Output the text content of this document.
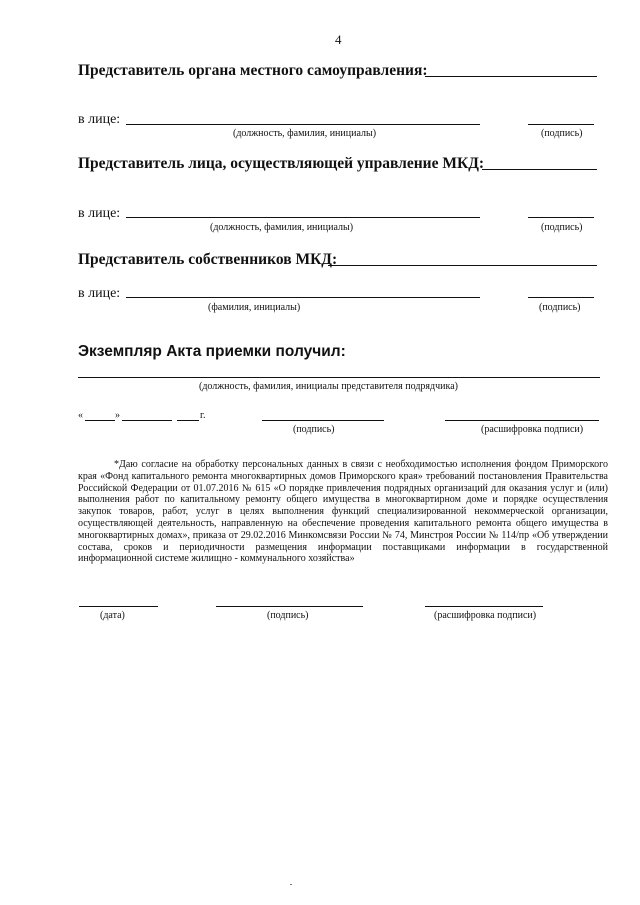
4
Представитель органа местного самоуправления:
в лице:
(должность, фамилия, инициалы)	(подпись)
Представитель лица, осуществляющей управление МКД:
в лице:
(должность, фамилия, инициалы)	(подпись)
Представитель собственников МКД:
в лице:
(фамилия, инициалы)	(подпись)
Экземпляр Акта приемки получил:
(должность, фамилия, инициалы представителя подрядчика)
«	»	г.
(подпись)	(расшифровка подписи)
*Даю согласие на обработку персональных данных в связи с необходимостью исполнения фондом Приморского края «Фонд капитального ремонта многоквартирных домов Приморского края» требований постановления Правительства Российской Федерации от 01.07.2016 № 615 «О порядке привлечения подрядных организаций для оказания услуг и (или) выполнения работ по капитальному ремонту общего имущества в многоквартирном доме и порядке осуществления закупок товаров, работ, услуг в целях выполнения функций специализированной некоммерческой организации, осуществляющей деятельность, направленную на обеспечение проведения капитального ремонта общего имущества в многоквартирных домах», приказа от 29.02.2016 Минкомсвязи России № 74, Минстроя России № 114/пр «Об утверждении состава, сроков и периодичности размещения информации поставщиками информации в государственной информационной системе жилищно - коммунального хозяйства»
(дата)	(подпись)	(расшифровка подписи)
